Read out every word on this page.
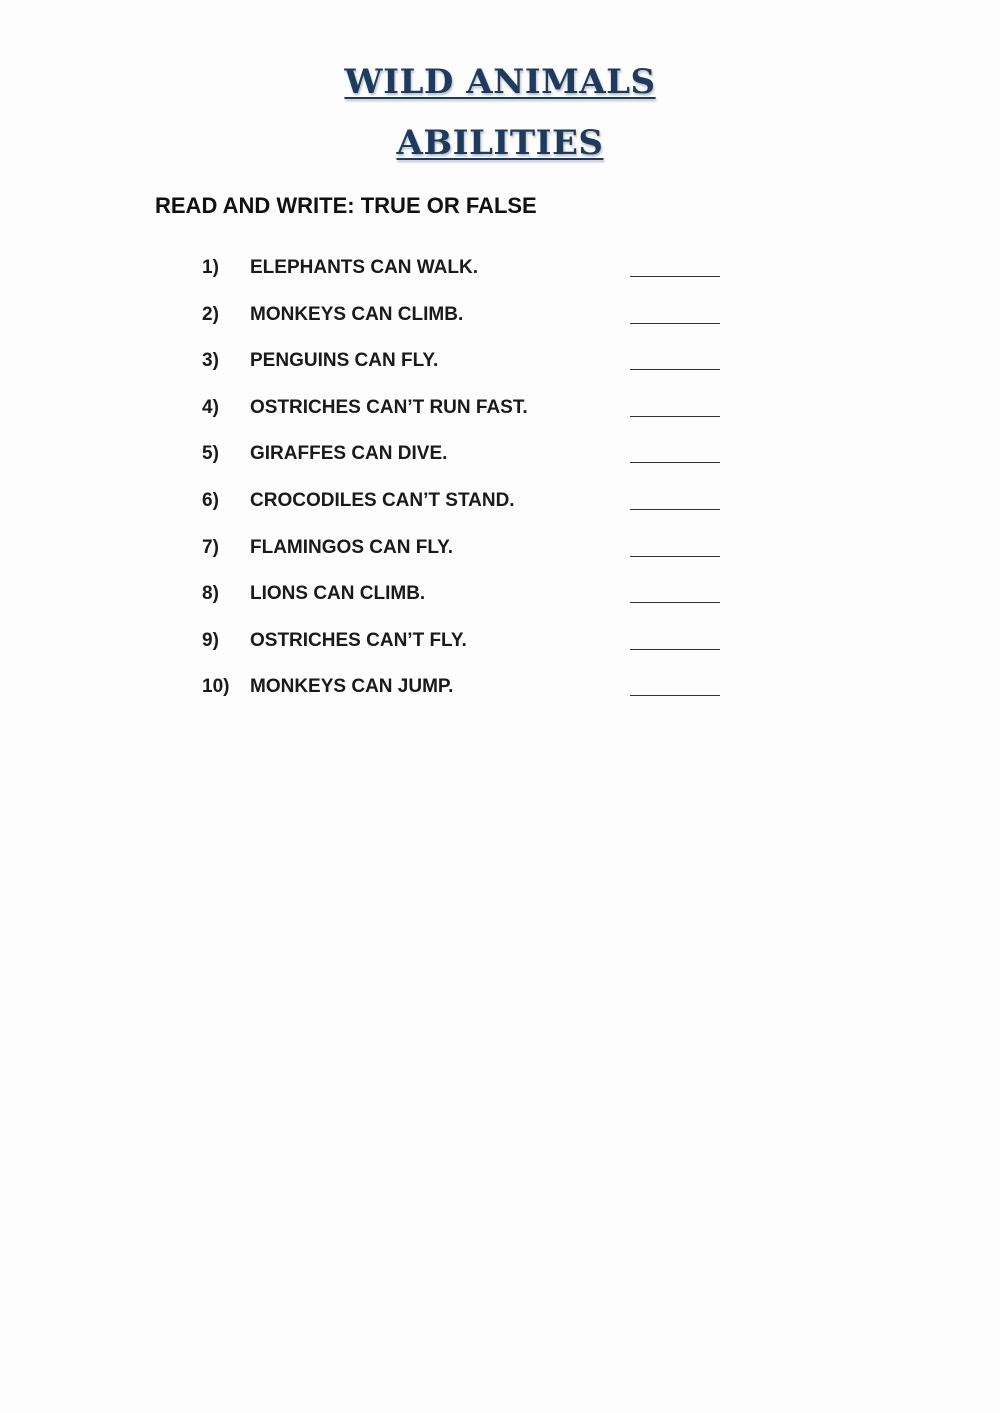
WILD ANIMALS
ABILITIES
READ AND WRITE: TRUE OR FALSE
1) ELEPHANTS CAN WALK.
2) MONKEYS CAN CLIMB.
3) PENGUINS CAN FLY.
4) OSTRICHES CAN’T RUN FAST.
5) GIRAFFES CAN DIVE.
6) CROCODILES CAN’T STAND.
7) FLAMINGOS CAN FLY.
8) LIONS CAN CLIMB.
9) OSTRICHES CAN’T FLY.
10) MONKEYS CAN JUMP.
